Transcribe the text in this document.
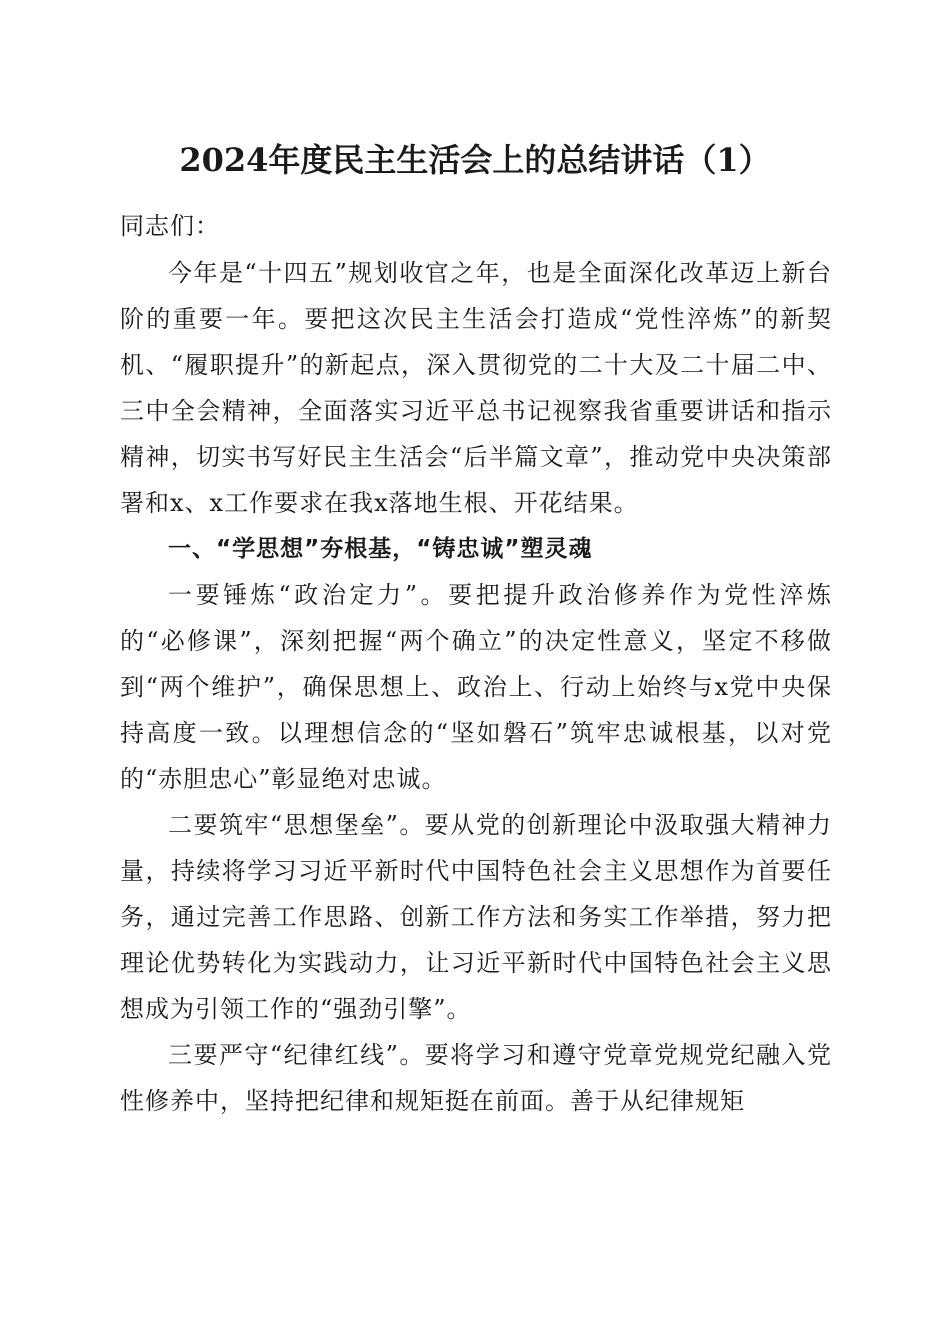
2024年度民主生活会上的总结讲话（1）

同志们：

今年是“十四五”规划收官之年，也是全面深化改革迈上新台阶的重要一年。要把这次民主生活会打造成“党性淬炼”的新契机、“履职提升”的新起点，深入贯彻党的二十大及二十届二中、三中全会精神，全面落实习近平总书记视察我省重要讲话和指示精神，切实书写好民主生活会“后半篇文章”，推动党中央决策部署和x、x工作要求在我x落地生根、开花结果。

一、“学思想”夯根基，“铸忠诚”塑灵魂

一要锤炼“政治定力”。要把提升政治修养作为党性淬炼的“必修课”，深刻把握“两个确立”的决定性意义，坚定不移做到“两个维护”，确保思想上、政治上、行动上始终与x党中央保持高度一致。以理想信念的“坚如磐石”筑牢忠诚根基，以对党的“赤胆忠心”彰显绝对忠诚。

二要筑牢“思想堡垒”。要从党的创新理论中汲取强大精神力量，持续将学习习近平新时代中国特色社会主义思想作为首要任务，通过完善工作思路、创新工作方法和务实工作举措，努力把理论优势转化为实践动力，让习近平新时代中国特色社会主义思想成为引领工作的“强劲引擎”。

三要严守“纪律红线”。要将学习和遵守党章党规党纪融入党性修养中，坚持把纪律和规矩挺在前面。善于从纪律规矩
